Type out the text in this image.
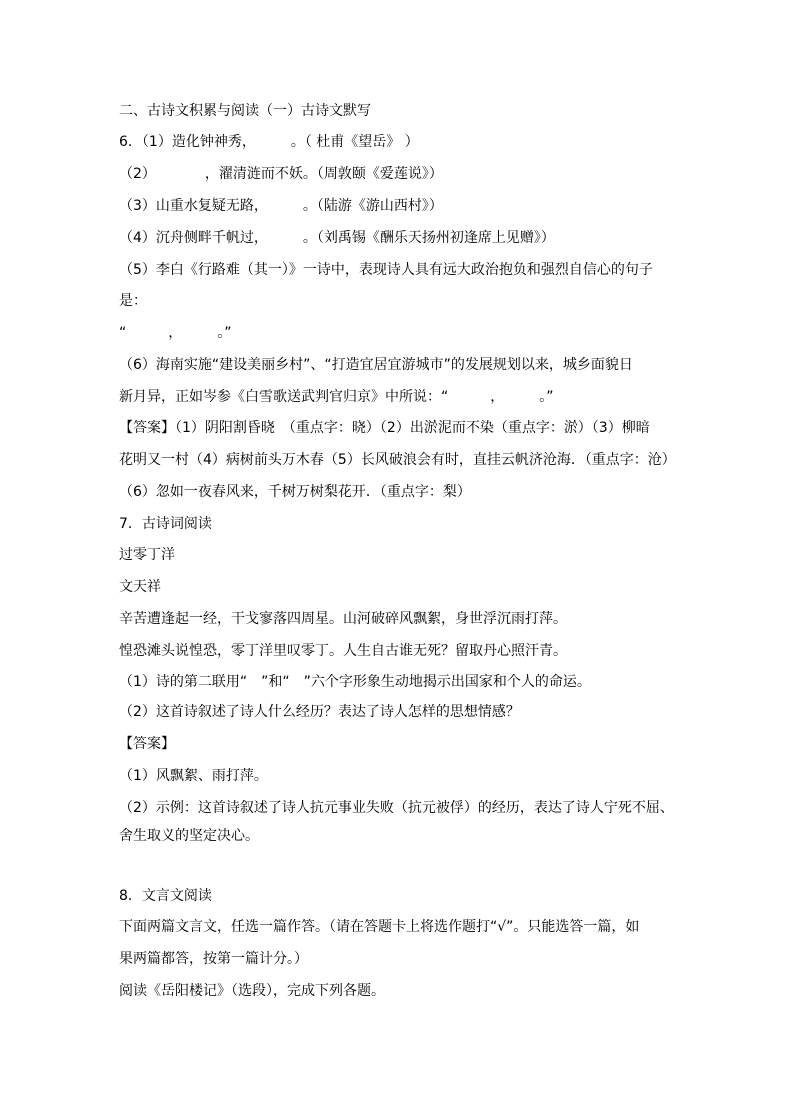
二、古诗文积累与阅读（一）古诗文默写
6．（1）造化钟神秀，　　　。（ 杜甫《望岳》 ）
（2）　　　　，濯清涟而不妖。（周敦颐《爱莲说》）
（3）山重水复疑无路，　　　。（陆游《游山西村》）
（4）沉舟侧畔千帆过，　　　。（刘禹锡《酬乐天扬州初逢席上见赠》）
（5）李白《行路难（其一）》一诗中，表现诗人具有远大政治抱负和强烈自信心的句子
是：
“　　　，　　　。”
（6）海南实施“建设美丽乡村”、“打造宜居宜游城市”的发展规划以来，城乡面貌日
新月异，正如岑参《白雪歌送武判官归京》中所说：“　　　，　　　。”
【答案】（1）阴阳割昏晓　（重点字：晓）（2）出淤泥而不染（重点字：淤）（3）柳暗
花明又一村（4）病树前头万木春（5）长风破浪会有时，直挂云帆济沧海．（重点字：沧）
（6）忽如一夜春风来，千树万树梨花开．（重点字：梨）
7．古诗词阅读
过零丁洋
文天祥
辛苦遭逢起一经，干戈寥落四周星。山河破碎风飘絮，身世浮沉雨打萍。
惶恐滩头说惶恐，零丁洋里叹零丁。人生自古谁无死？留取丹心照汗青。
（1）诗的第二联用“　”和“　”六个字形象生动地揭示出国家和个人的命运。
（2）这首诗叙述了诗人什么经历？表达了诗人怎样的思想情感？
【答案】
（1）风飘絮、雨打萍。
（2）示例：这首诗叙述了诗人抗元事业失败（抗元被俘）的经历，表达了诗人宁死不屈、
舍生取义的坚定决心。
8．文言文阅读
下面两篇文言文，任选一篇作答。（请在答题卡上将选作题打“√”。只能选答一篇，如
果两篇都答，按第一篇计分。）
阅读《岳阳楼记》（选段），完成下列各题。
